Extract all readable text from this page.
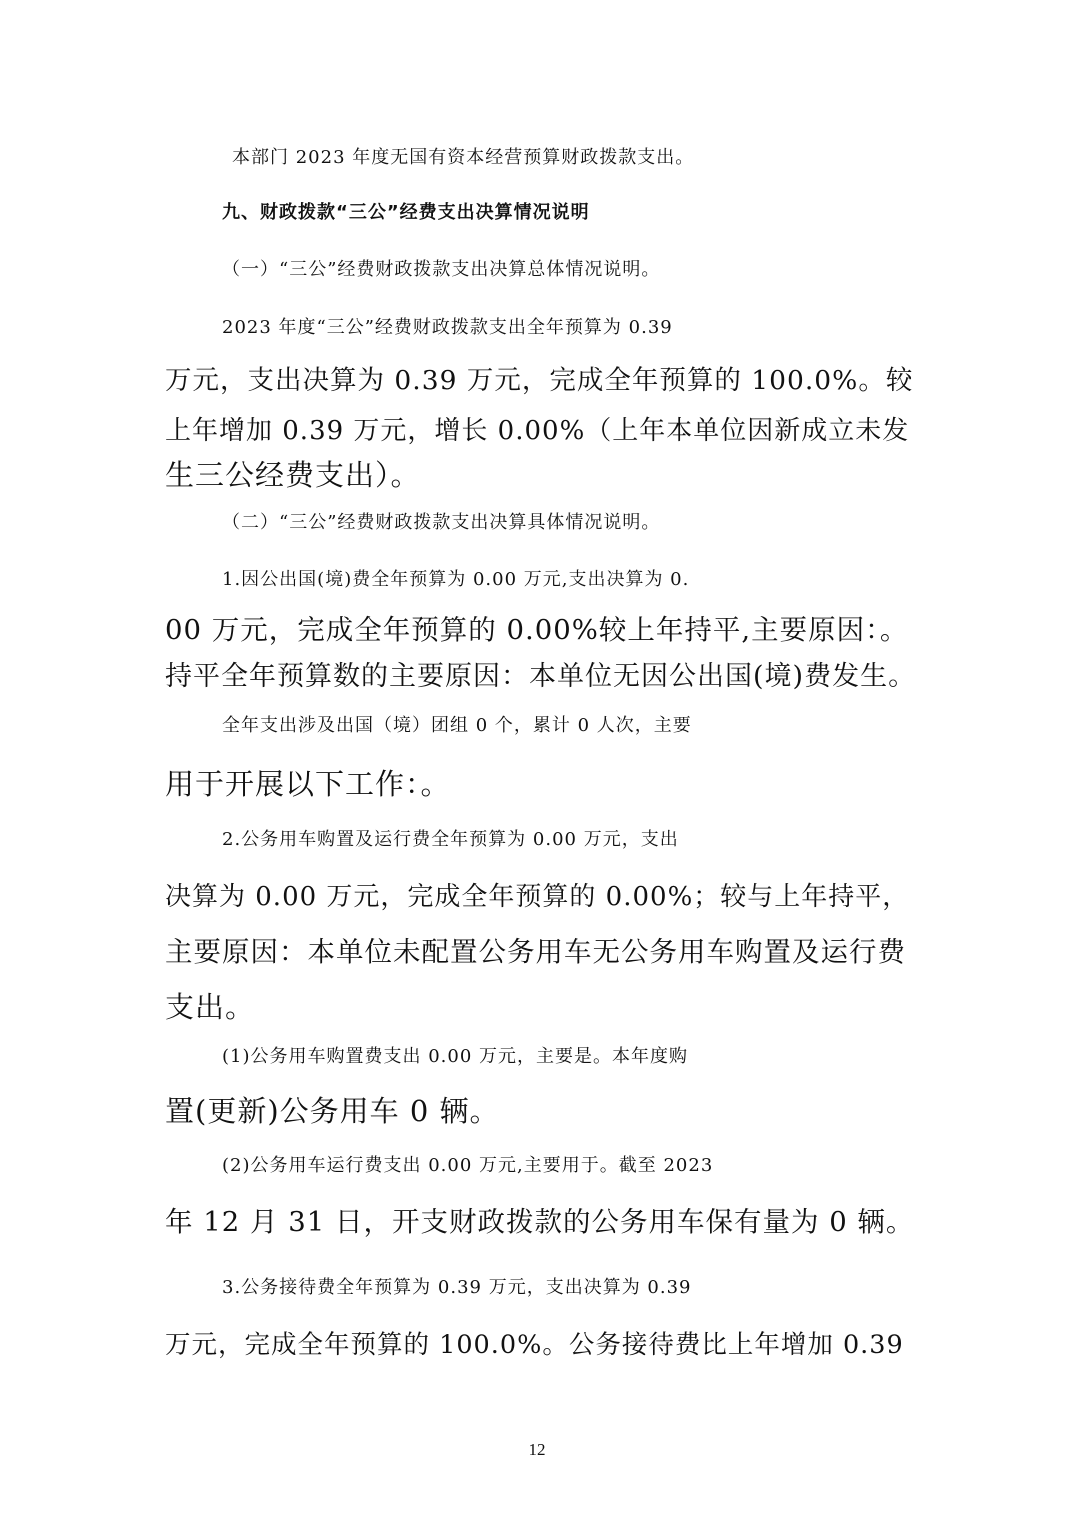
本部门 2023 年度无国有资本经营预算财政拨款支出。
九、财政拨款“三公”经费支出决算情况说明
（一）“三公”经费财政拨款支出决算总体情况说明。
2023 年度“三公”经费财政拨款支出全年预算为 0.39
万元，支出决算为 0.39 万元，完成全年预算的 100.0%。较
上年增加 0.39 万元，增长 0.00%（上年本单位因新成立未发
生三公经费支出）。
（二）“三公”经费财政拨款支出决算具体情况说明。
1.因公出国(境)费全年预算为 0.00 万元,支出决算为 0.
00 万元，完成全年预算的 0.00%较上年持平,主要原因：。
持平全年预算数的主要原因：本单位无因公出国(境)费发生。
全年支出涉及出国（境）团组 0 个，累计 0 人次，主要
用于开展以下工作：。
2.公务用车购置及运行费全年预算为 0.00 万元，支出
决算为 0.00 万元，完成全年预算的 0.00%；较与上年持平，
主要原因：本单位未配置公务用车无公务用车购置及运行费
支出。
(1)公务用车购置费支出 0.00 万元，主要是。本年度购
置(更新)公务用车 0 辆。
(2)公务用车运行费支出 0.00 万元,主要用于。截至 2023
年 12 月 31 日，开支财政拨款的公务用车保有量为 0 辆。
3.公务接待费全年预算为 0.39 万元，支出决算为 0.39
万元，完成全年预算的 100.0%。公务接待费比上年增加 0.39
12
